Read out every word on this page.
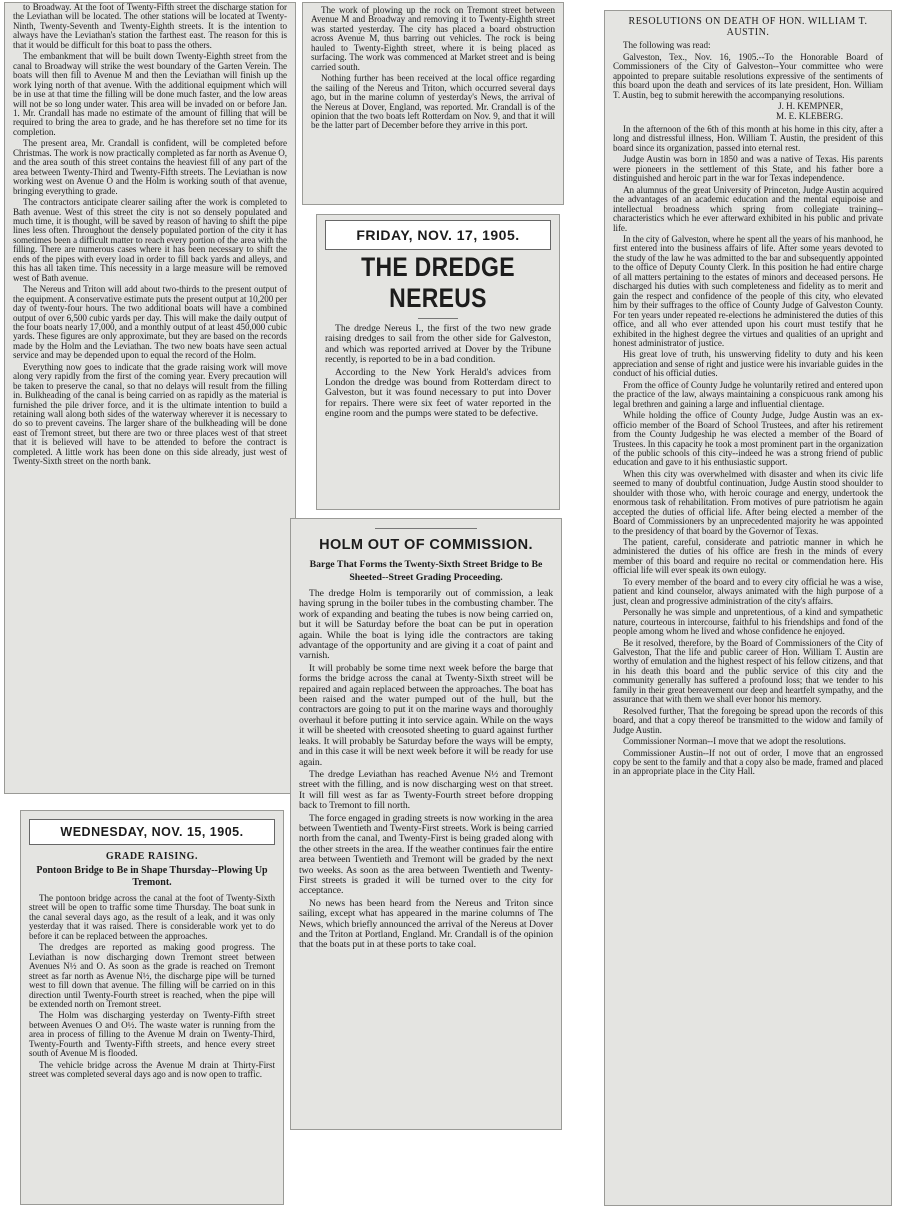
to Broadway. At the foot of Twenty-Fifth street the discharge station for the Leviathan will be located. The other stations will be located at Twenty-Ninth, Twenty-Seventh and Twenty-Eighth streets. It is the intention to always have the Leviathan's station the farthest east. The reason for this is that it would be difficult for this boat to pass the others.

The embankment that will be built down Twenty-Eighth street from the canal to Broadway will strike the west boundary of the Garten Verein. The boats will then fill to Avenue M and then the Leviathan will finish up the work lying north of that avenue. With the additional equipment which will be in use at that time the filling will be done much faster, and the low areas will not be so long under water. This area will be invaded on or before Jan. 1. Mr. Crandall has made no estimate of the amount of filling that will be required to bring the area to grade, and he has therefore set no time for its completion.

The present area, Mr. Crandall is confident, will be completed before Christmas. The work is now practically completed as far north as Avenue O, and the area south of this street contains the heaviest fill of any part of the area between Twenty-Third and Twenty-Fifth streets. The Leviathan is now working west on Avenue O and the Holm is working south of that avenue, bringing everything to grade.

The contractors anticipate clearer sailing after the work is completed to Bath avenue. West of this street the city is not so densely populated and much time, it is thought, will be saved by reason of having to shift the pipe lines less often. Throughout the densely populated portion of the city it has sometimes been a difficult matter to reach every portion of the area with the filling. There are numerous cases where it has been necessary to shift the ends of the pipes with every load in order to fill back yards and alleys, and this has all taken time. This necessity in a large measure will be removed west of Bath avenue.

The Nereus and Triton will add about two-thirds to the present output of the equipment. A conservative estimate puts the present output at 10,200 per day of twenty-four hours. The two additional boats will have a combined output of over 6,500 cubic yards per day. This will make the daily output of the four boats nearly 17,000, and a monthly output of at least 450,000 cubic yards. These figures are only approximate, but they are based on the records made by the Holm and the Leviathan. The two new boats have seen actual service and may be depended upon to equal the record of the Holm.

Everything now goes to indicate that the grade raising work will move along very rapidly from the first of the coming year. Every precaution will be taken to preserve the canal, so that no delays will result from the filling in. Bulkheading of the canal is being carried on as rapidly as the material is furnished the pile driver force, and it is the ultimate intention to build a retaining wall along both sides of the waterway wherever it is necessary to do so to prevent caveins. The larger share of the bulkheading will be done east of Tremont street, but there are two or three places west of that street that it is believed will have to be attended to before the contract is completed. A little work has been done on this side already, just west of Twenty-Sixth street on the north bank.

WEDNESDAY, NOV. 15, 1905.
GRADE RAISING.
Pontoon Bridge to Be in Shape Thursday--Plowing Up Tremont.

The pontoon bridge across the canal at the foot of Twenty-Sixth street will be open to traffic some time Thursday. The boat sunk in the canal several days ago, as the result of a leak, and it was only yesterday that it was raised. There is considerable work yet to do before it can be replaced between the approaches.

The dredges are reported as making good progress. The Leviathan is now discharging down Tremont street between Avenues N½ and O. As soon as the grade is reached on Tremont street as far north as Avenue N½, the discharge pipe will be turned west to fill down that avenue. The filling will be carried on in this direction until Twenty-Fourth street is reached, when the pipe will be extended north on Tremont street.

The Holm was discharging yesterday on Twenty-Fifth street between Avenues O and O½. The waste water is running from the area in process of filling to the Avenue M drain on Twenty-Third, Twenty-Fourth and Twenty-Fifth streets, and hence every street south of Avenue M is flooded.

The vehicle bridge across the Avenue M drain at Thirty-First street was completed several days ago and is now open to traffic.

The work of plowing up the rock on Tremont street between Avenue M and Broadway and removing it to Twenty-Eighth street was started yesterday. The city has placed a board obstruction across Avenue M, thus barring out vehicles. The rock is being hauled to Twenty-Eighth street, where it is being placed as surfacing. The work was commenced at Market street and is being carried south.

Nothing further has been received at the local office regarding the sailing of the Nereus and Triton, which occurred several days ago, but in the marine column of yesterday's News, the arrival of the Nereus at Dover, England, was reported. Mr. Crandall is of the opinion that the two boats left Rotterdam on Nov. 9, and that it will be the latter part of December before they arrive in this port.

FRIDAY, NOV. 17, 1905.
THE DREDGE NEREUS

The dredge Nereus I., the first of the two new grade raising dredges to sail from the other side for Galveston, and which was reported arrived at Dover by the Tribune recently, is reported to be in a bad condition.

According to the New York Herald's advices from London the dredge was bound from Rotterdam direct to Galveston, but it was found necessary to put into Dover for repairs. There were six feet of water reported in the engine room and the pumps were stated to be defective.

HOLM OUT OF COMMISSION.
Barge That Forms the Twenty-Sixth Street Bridge to Be Sheeted--Street Grading Proceeding.

The dredge Holm is temporarily out of commission, a leak having sprung in the boiler tubes in the combusting chamber. The work of expanding and beating the tubes is now being carried on, but it will be Saturday before the boat can be put in operation again. While the boat is lying idle the contractors are taking advantage of the opportunity and are giving it a coat of paint and varnish.

It will probably be some time next week before the barge that forms the bridge across the canal at Twenty-Sixth street will be repaired and again replaced between the approaches. The boat has been raised and the water pumped out of the hull, but the contractors are going to put it on the marine ways and thoroughly overhaul it before putting it into service again. While on the ways it will be sheeted with creosoted sheeting to guard against further leaks. It will probably be Saturday before the ways will be empty, and in this case it will be next week before it will be ready for use again.

The dredge Leviathan has reached Avenue N½ and Tremont street with the filling, and is now discharging west on that street. It will fill west as far as Twenty-Fourth street before dropping back to Tremont to fill north.

The force engaged in grading streets is now working in the area between Twentieth and Twenty-First streets. Work is being carried north from the canal, and Twenty-First is being graded along with the other streets in the area. If the weather continues fair the entire area between Twentieth and Tremont will be graded by the next two weeks. As soon as the area between Twentieth and Twenty-First streets is graded it will be turned over to the city for acceptance.

No news has been heard from the Nereus and Triton since sailing, except what has appeared in the marine columns of The News, which briefly announced the arrival of the Nereus at Dover and the Triton at Portland, England. Mr. Crandall is of the opinion that the boats put in at these ports to take coal.

RESOLUTIONS ON DEATH OF HON. WILLIAM T. AUSTIN.

The following was read:

Galveston, Tex., Nov. 16, 1905.--To the Honorable Board of Commissioners of the City of Galveston--Your committee who were appointed to prepare suitable resolutions expressive of the sentiments of this board upon the death and services of its late president, Hon. William T. Austin, beg to submit herewith the accompanying resolutions.

J. H. KEMPNER,
M. E. KLEBERG.

In the afternoon of the 6th of this month at his home in this city, after a long and distressful illness, Hon. William T. Austin, the president of this board since its organization, passed into eternal rest.

Judge Austin was born in 1850 and was a native of Texas. His parents were pioneers in the settlement of this State, and his father bore a distinguished and heroic part in the war for Texas independence.

An alumnus of the great University of Princeton, Judge Austin acquired the advantages of an academic education and the mental equipoise and intellectual broadness which spring from collegiate training--characteristics which he ever afterward exhibited in his public and private life.

In the city of Galveston, where he spent all the years of his manhood, he first entered into the business affairs of life. After some years devoted to the study of the law he was admitted to the bar and subsequently appointed to the office of Deputy County Clerk. In this position he had entire charge of all matters pertaining to the estates of minors and deceased persons. He discharged his duties with such completeness and fidelity as to merit and gain the respect and confidence of the people of this city, who elevated him by their suffrages to the office of County Judge of Galveston County. For ten years under repeated re-elections he administered the duties of this office, and all who ever attended upon his court must testify that he exhibited in the highest degree the virtues and qualities of an upright and honest administrator of justice.

His great love of truth, his unswerving fidelity to duty and his keen appreciation and sense of right and justice were his invariable guides in the conduct of his official duties.

From the office of County Judge he voluntarily retired and entered upon the practice of the law, always maintaining a conspicuous rank among his legal brethren and gaining a large and influential clientage.

While holding the office of County Judge, Judge Austin was an ex-officio member of the Board of School Trustees, and after his retirement from the County Judgeship he was elected a member of the Board of Trustees. In this capacity he took a most prominent part in the organization of the public schools of this city--indeed he was a strong friend of public education and gave to it his enthusiastic support.

When this city was overwhelmed with disaster and when its civic life seemed to many of doubtful continuation, Judge Austin stood shoulder to shoulder with those who, with heroic courage and energy, undertook the enormous task of rehabilitation. From motives of pure patriotism he again accepted the duties of official life. After being elected a member of the Board of Commissioners by an unprecedented majority he was appointed to the presidency of that board by the Governor of Texas.

The patient, careful, considerate and patriotic manner in which he administered the duties of his office are fresh in the minds of every member of this board and require no recital or commendation here. His official life will ever speak its own eulogy.

To every member of the board and to every city official he was a wise, patient and kind counselor, always animated with the high purpose of a just, clean and progressive administration of the city's affairs.

Personally he was simple and unpretentious, of a kind and sympathetic nature, courteous in intercourse, faithful to his friendships and fond of the people among whom he lived and whose confidence he enjoyed.

Be it resolved, therefore, by the Board of Commissioners of the City of Galveston, That the life and public career of Hon. William T. Austin are worthy of emulation and the highest respect of his fellow citizens, and that in his death this board and the public service of this city and the community generally has suffered a profound loss; that we tender to his family in their great bereavement our deep and heartfelt sympathy, and the assurance that with them we shall ever honor his memory.

Resolved further, That the foregoing be spread upon the records of this board, and that a copy thereof be transmitted to the widow and family of Judge Austin.

Commissioner Norman--I move that we adopt the resolutions.

Commissioner Austin--If not out of order, I move that an engrossed copy be sent to the family and that a copy also be made, framed and placed in an appropriate place in the City Hall.
